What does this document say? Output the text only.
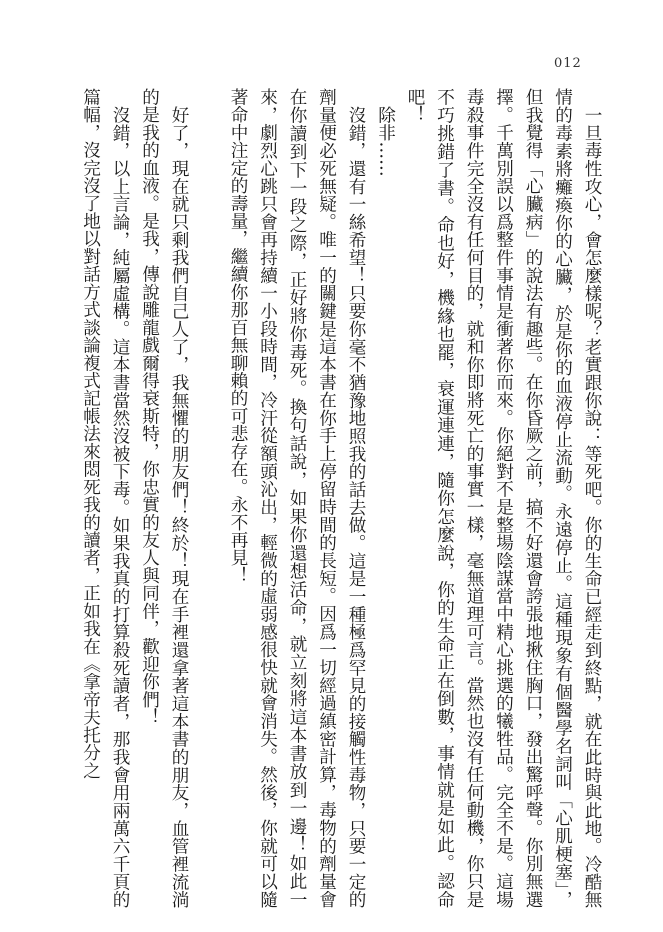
012

一旦毒性攻心，會怎麼樣呢？老實跟你說：等死吧。你的生命已經走到終點，就在此時與此地。冷酷無情的毒素將癱瘓你的心臟，於是你的血液停止流動。永遠停止。這種現象有個醫學名詞叫「心肌梗塞」，但我覺得「心臟病」的說法有趣些。在你昏厥之前，搞不好還會誇張地揪住胸口，發出驚呼聲。你別無選擇。千萬別誤以爲整件事情是衝著你而來。你絕對不是整場陰謀當中精心挑選的犧牲品。完全不是。這場毒殺事件完全沒有任何目的，就和你即將死亡的事實一樣，毫無道理可言。當然也沒有任何動機，你只是不巧挑錯了書。命也好，機緣也罷，衰運連連，隨你怎麼說，你的生命正在倒數，事情就是如此。認命吧！

除非……

沒錯，還有一絲希望！只要你毫不猶豫地照我的話去做。這是一種極爲罕見的接觸性毒物，只要一定的劑量便必死無疑。唯一的關鍵是這本書在你手上停留時間的長短。因爲一切經過縝密計算，毒物的劑量會在你讀到下一段之際，正好將你毒死。換句話說，如果你還想活命，就立刻將這本書放到一邊！如此一來，劇烈心跳只會再持續一小段時間，冷汗從額頭沁出，輕微的虛弱感很快就會消失。然後，你就可以隨著命中注定的壽量，繼續你那百無聊賴的可悲存在。永不再見！

好了，現在就只剩我們自己人了，我無懼的朋友們！終於！現在手裡還拿著這本書的朋友，血管裡流淌的是我的血液。是我，傳說雕龍戲爾得衰斯特，你忠實的友人與同伴，歡迎你們！

沒錯，以上言論，純屬虛構。這本書當然沒被下毒。如果我真的打算殺死讀者，那我會用兩萬六千頁的篇幅，沒完沒了地以對話方式談論複式記帳法來悶死我的讀者，正如我在《拿帝夫托分之
